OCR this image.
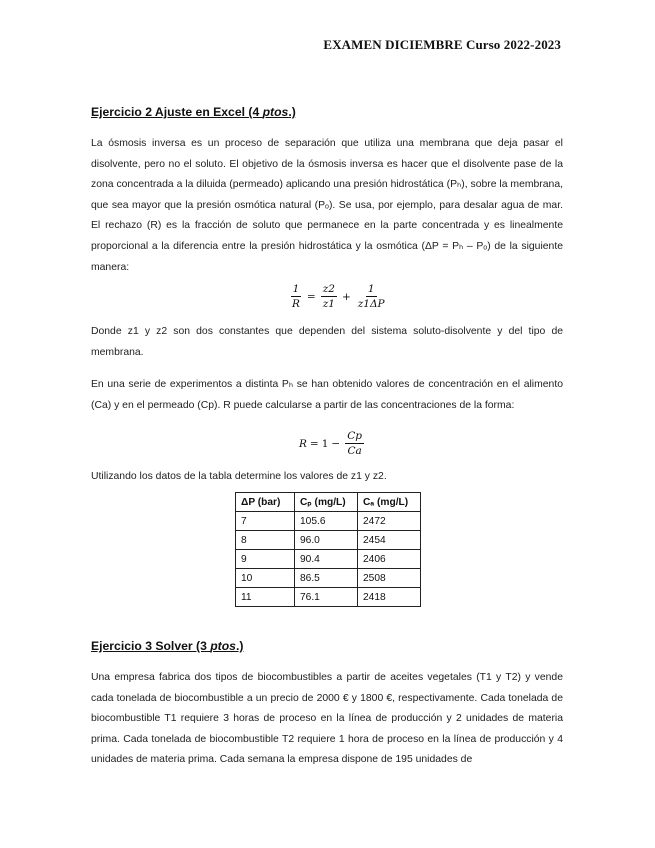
EXAMEN DICIEMBRE Curso 2022-2023
Ejercicio 2 Ajuste en Excel (4 ptos.)
La ósmosis inversa es un proceso de separación que utiliza una membrana que deja pasar el disolvente, pero no el soluto. El objetivo de la ósmosis inversa es hacer que el disolvente pase de la zona concentrada a la diluida (permeado) aplicando una presión hidrostática (Pₕ), sobre la membrana, que sea mayor que la presión osmótica natural (Pₒ). Se usa, por ejemplo, para desalar agua de mar. El rechazo (R) es la fracción de soluto que permanece en la parte concentrada y es linealmente proporcional a la diferencia entre la presión hidrostática y la osmótica (ΔP = Pₕ – Pₒ) de la siguiente manera:
$\frac{1}{R} = \frac{z2}{z1} + \frac{1}{z1\Delta P}$
Donde z1 y z2 son dos constantes que dependen del sistema soluto-disolvente y del tipo de membrana.
En una serie de experimentos a distinta Pₕ se han obtenido valores de concentración en el alimento (Ca) y en el permeado (Cp). R puede calcularse a partir de las concentraciones de la forma:
$R = 1 - \frac{Cp}{Ca}$
Utilizando los datos de la tabla determine los valores de z1 y z2.
ΔP (bar)	Cₚ (mg/L)	Cₐ (mg/L)
7	105.6	2472
8	96.0	2454
9	90.4	2406
10	86.5	2508
11	76.1	2418
Ejercicio 3 Solver (3 ptos.)
Una empresa fabrica dos tipos de biocombustibles a partir de aceites vegetales (T1 y T2) y vende cada tonelada de biocombustible a un precio de 2000 € y 1800 €, respectivamente. Cada tonelada de biocombustible T1 requiere 3 horas de proceso en la línea de producción y 2 unidades de materia prima. Cada tonelada de biocombustible T2 requiere 1 hora de proceso en la línea de producción y 4 unidades de materia prima. Cada semana la empresa dispone de 195 unidades de
